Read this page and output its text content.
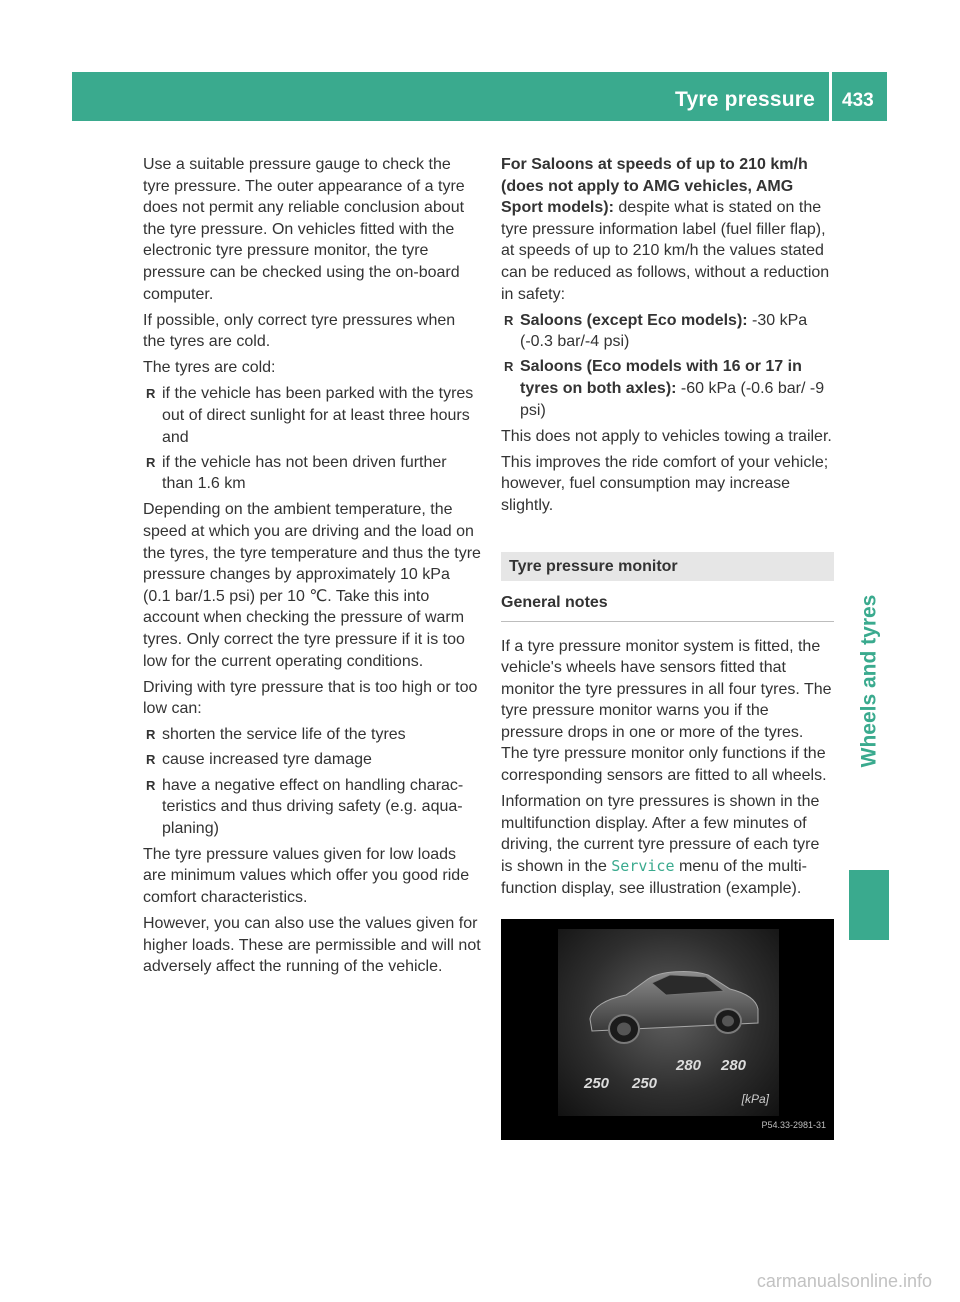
Tyre pressure 433
Wheels and tyres

Use a suitable pressure gauge to check the tyre pressure. The outer appearance of a tyre does not permit any reliable conclusion about the tyre pressure. On vehicles fitted with the electronic tyre pressure monitor, the tyre pressure can be checked using the on-board computer.

If possible, only correct tyre pressures when the tyres are cold.

The tyres are cold:

R if the vehicle has been parked with the tyres out of direct sunlight for at least three hours and
R if the vehicle has not been driven further than 1.6 km

Depending on the ambient temperature, the speed at which you are driving and the load on the tyres, the tyre temperature and thus the tyre pressure changes by approximately 10 kPa (0.1 bar/1.5 psi) per 10 ℃. Take this into account when checking the pressure of warm tyres. Only correct the tyre pressure if it is too low for the current operating conditions.

Driving with tyre pressure that is too high or too low can:

R shorten the service life of the tyres
R cause increased tyre damage
R have a negative effect on handling characteristics and thus driving safety (e.g. aquaplaning)

The tyre pressure values given for low loads are minimum values which offer you good ride comfort characteristics.

However, you can also use the values given for higher loads. These are permissible and will not adversely affect the running of the vehicle.

For Saloons at speeds of up to 210 km/h (does not apply to AMG vehicles, AMG Sport models): despite what is stated on the tyre pressure information label (fuel filler flap), at speeds of up to 210 km/h the values stated can be reduced as follows, without a reduction in safety:

R Saloons (except Eco models): -30 kPa (-0.3 bar/-4 psi)
R Saloons (Eco models with 16 or 17 in tyres on both axles): -60 kPa (-0.6 bar/ -9 psi)

This does not apply to vehicles towing a trailer.

This improves the ride comfort of your vehicle; however, fuel consumption may increase slightly.

Tyre pressure monitor
General notes

If a tyre pressure monitor system is fitted, the vehicle's wheels have sensors fitted that monitor the tyre pressures in all four tyres. The tyre pressure monitor warns you if the pressure drops in one or more of the tyres. The tyre pressure monitor only functions if the corresponding sensors are fitted to all wheels.

Information on tyre pressures is shown in the multifunction display. After a few minutes of driving, the current tyre pressure of each tyre is shown in the Service menu of the multifunction display, see illustration (example).

250 250
280 280
[kPa]
P54.33-2981-31
carmanualsonline.info
